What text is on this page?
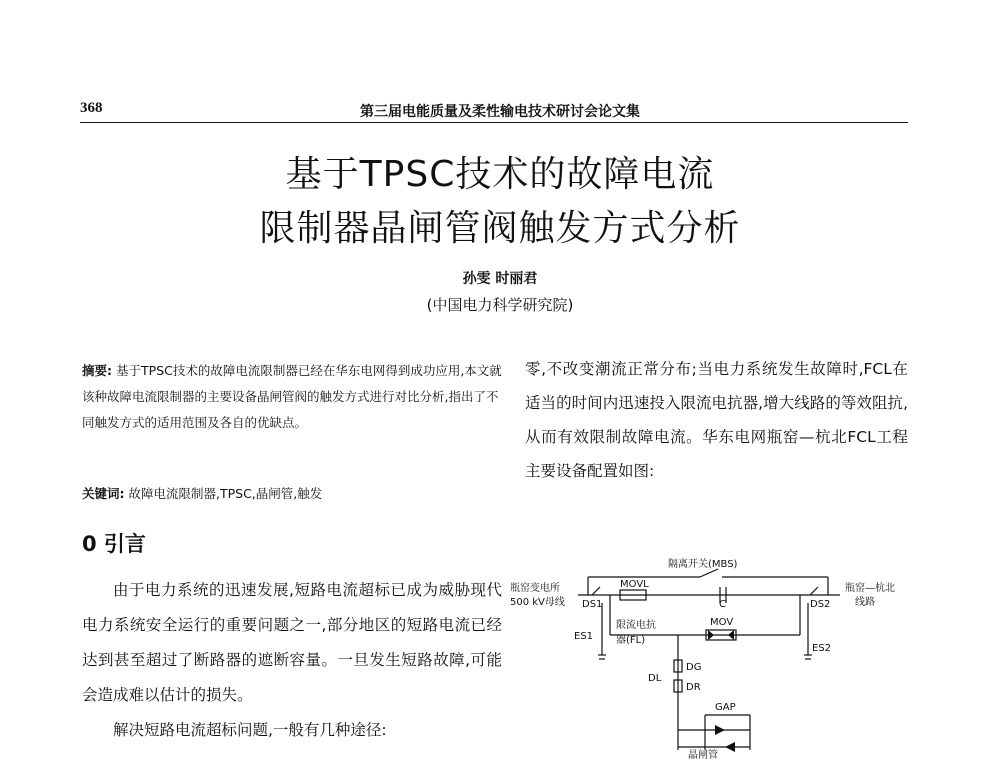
368	第三届电能质量及柔性输电技术研讨会论文集
基于TPSC技术的故障电流
限制器晶闸管阀触发方式分析
孙雯 时丽君
(中国电力科学研究院)
摘要: 基于TPSC技术的故障电流限制器已经在华东电网得到成功应用,本文就该种故障电流限制器的主要设备晶闸管阀的触发方式进行对比分析,指出了不同触发方式的适用范围及各自的优缺点。
关键词: 故障电流限制器,TPSC,晶闸管,触发
0 引言

由于电力系统的迅速发展,短路电流超标已成为威胁现代电力系统安全运行的重要问题之一,部分地区的短路电流已经达到甚至超过了断路器的遮断容量。一旦发生短路故障,可能会造成难以估计的损失。

解决短路电流超标问题,一般有几种途径:

零,不改变潮流正常分布;当电力系统发生故障时,FCL在适当的时间内迅速投入限流电抗器,增大线路的等效阻抗,从而有效限制故障电流。华东电网瓶窑—杭北FCL工程主要设备配置如图:
隔离开关(MBS)
瓶窑变电所
500 kV母线
瓶窑—杭北
线路
DS1	DS2
MOVL
C
ES1
ES2
限流电抗
器(FL)
MOV
DG
DR
DL
GAP
晶闸管
